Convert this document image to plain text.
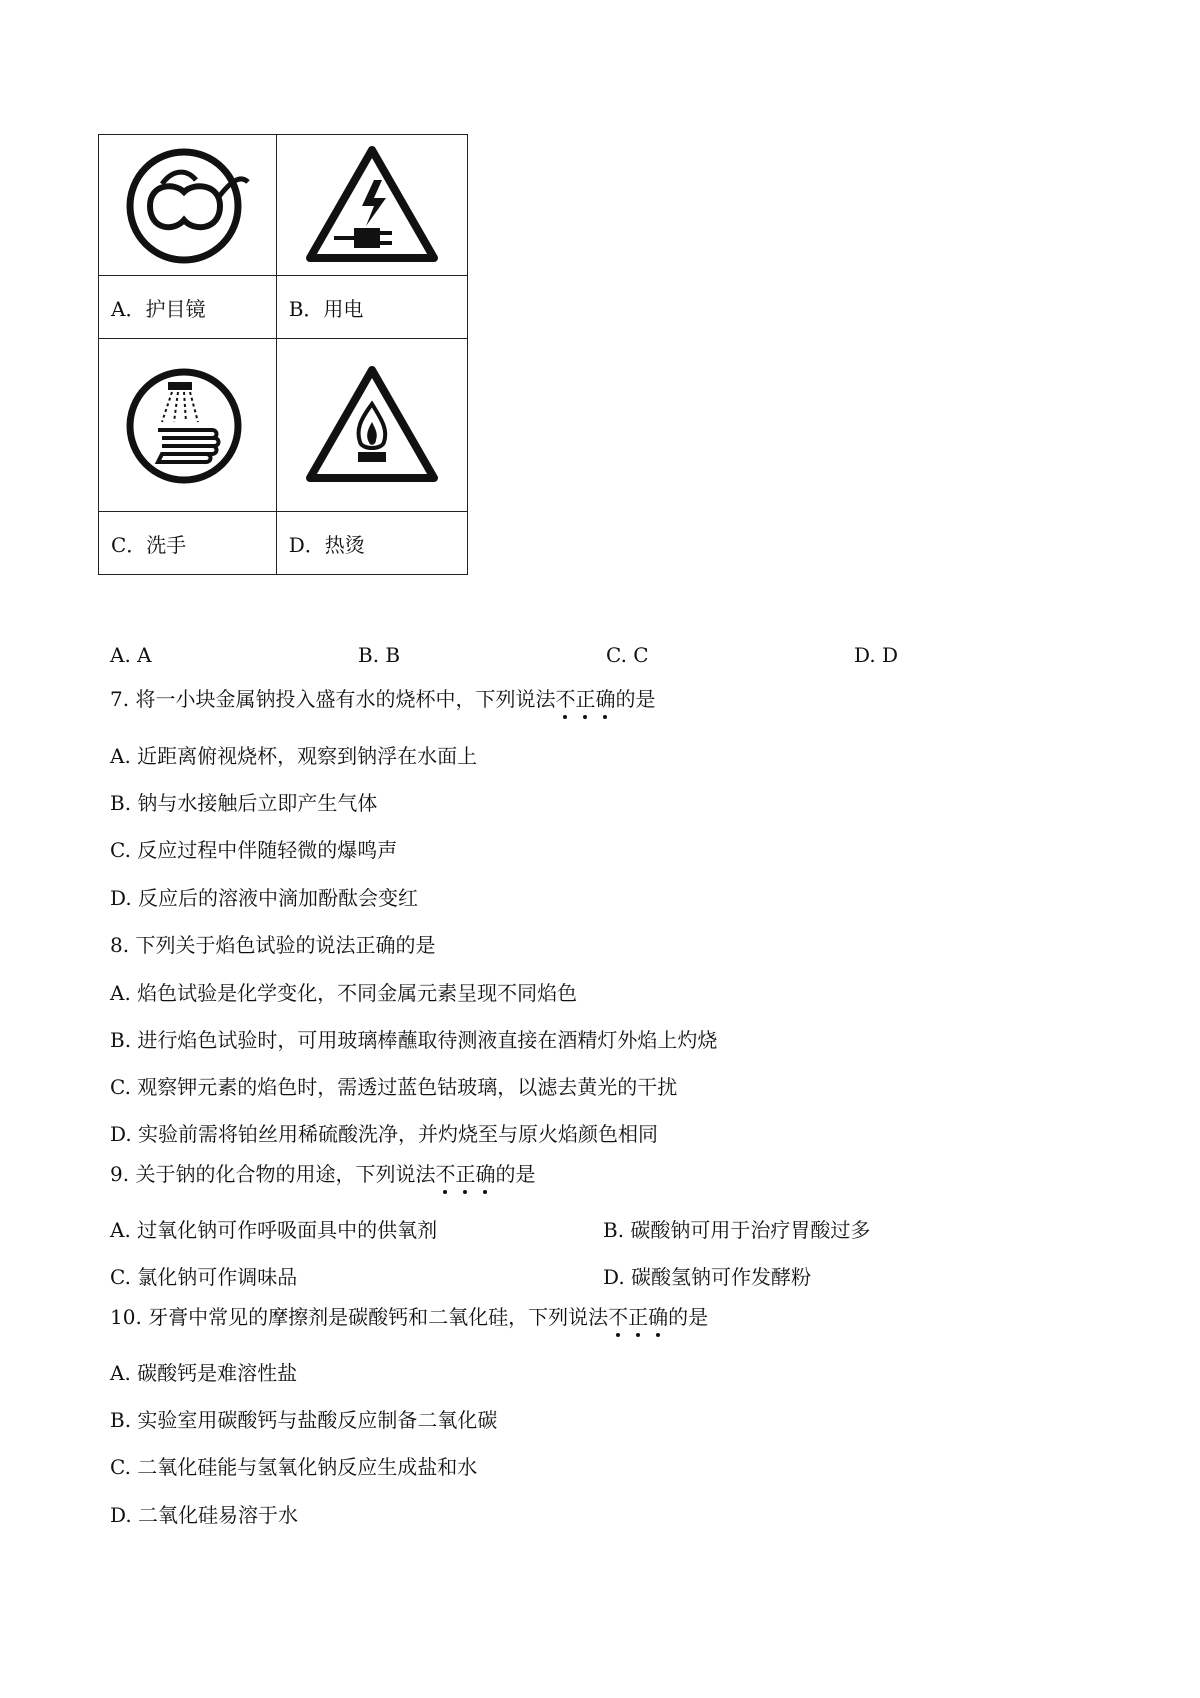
A．护目镜	B．用电

C．洗手	D．热烫
A. A	B. B	C. C	D. D
7. 将一小块金属钠投入盛有水的烧杯中，下列说法不正确的是
A. 近距离俯视烧杯，观察到钠浮在水面上
B. 钠与水接触后立即产生气体
C. 反应过程中伴随轻微的爆鸣声
D. 反应后的溶液中滴加酚酞会变红
8. 下列关于焰色试验的说法正确的是
A. 焰色试验是化学变化，不同金属元素呈现不同焰色
B. 进行焰色试验时，可用玻璃棒蘸取待测液直接在酒精灯外焰上灼烧
C. 观察钾元素的焰色时，需透过蓝色钴玻璃，以滤去黄光的干扰
D. 实验前需将铂丝用稀硫酸洗净，并灼烧至与原火焰颜色相同
9. 关于钠的化合物的用途，下列说法不正确的是
A. 过氧化钠可作呼吸面具中的供氧剂	B. 碳酸钠可用于治疗胃酸过多
C. 氯化钠可作调味品	D. 碳酸氢钠可作发酵粉
10. 牙膏中常见的摩擦剂是碳酸钙和二氧化硅，下列说法不正确的是
A. 碳酸钙是难溶性盐
B. 实验室用碳酸钙与盐酸反应制备二氧化碳
C. 二氧化硅能与氢氧化钠反应生成盐和水
D. 二氧化硅易溶于水
